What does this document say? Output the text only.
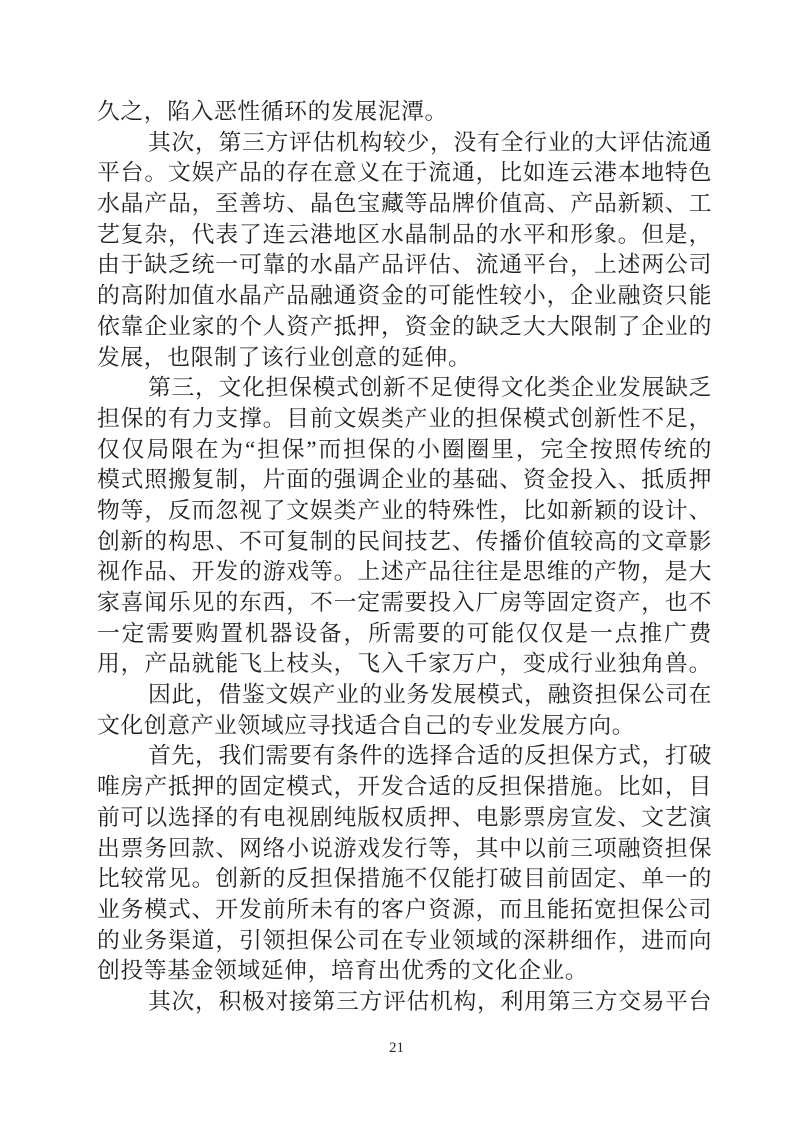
久之，陷入恶性循环的发展泥潭。
其次，第三方评估机构较少，没有全行业的大评估流通
平台。文娱产品的存在意义在于流通，比如连云港本地特色
水晶产品，至善坊、晶色宝藏等品牌价值高、产品新颖、工
艺复杂，代表了连云港地区水晶制品的水平和形象。但是，
由于缺乏统一可靠的水晶产品评估、流通平台，上述两公司
的高附加值水晶产品融通资金的可能性较小，企业融资只能
依靠企业家的个人资产抵押，资金的缺乏大大限制了企业的
发展，也限制了该行业创意的延伸。
第三，文化担保模式创新不足使得文化类企业发展缺乏
担保的有力支撑。目前文娱类产业的担保模式创新性不足，
仅仅局限在为“担保”而担保的小圈圈里，完全按照传统的
模式照搬复制，片面的强调企业的基础、资金投入、抵质押
物等，反而忽视了文娱类产业的特殊性，比如新颖的设计、
创新的构思、不可复制的民间技艺、传播价值较高的文章影
视作品、开发的游戏等。上述产品往往是思维的产物，是大
家喜闻乐见的东西，不一定需要投入厂房等固定资产，也不
一定需要购置机器设备，所需要的可能仅仅是一点推广费
用，产品就能飞上枝头，飞入千家万户，变成行业独角兽。
因此，借鉴文娱产业的业务发展模式，融资担保公司在
文化创意产业领域应寻找适合自己的专业发展方向。
首先，我们需要有条件的选择合适的反担保方式，打破
唯房产抵押的固定模式，开发合适的反担保措施。比如，目
前可以选择的有电视剧纯版权质押、电影票房宣发、文艺演
出票务回款、网络小说游戏发行等，其中以前三项融资担保
比较常见。创新的反担保措施不仅能打破目前固定、单一的
业务模式、开发前所未有的客户资源，而且能拓宽担保公司
的业务渠道，引领担保公司在专业领域的深耕细作，进而向
创投等基金领域延伸，培育出优秀的文化企业。
其次，积极对接第三方评估机构，利用第三方交易平台
21
